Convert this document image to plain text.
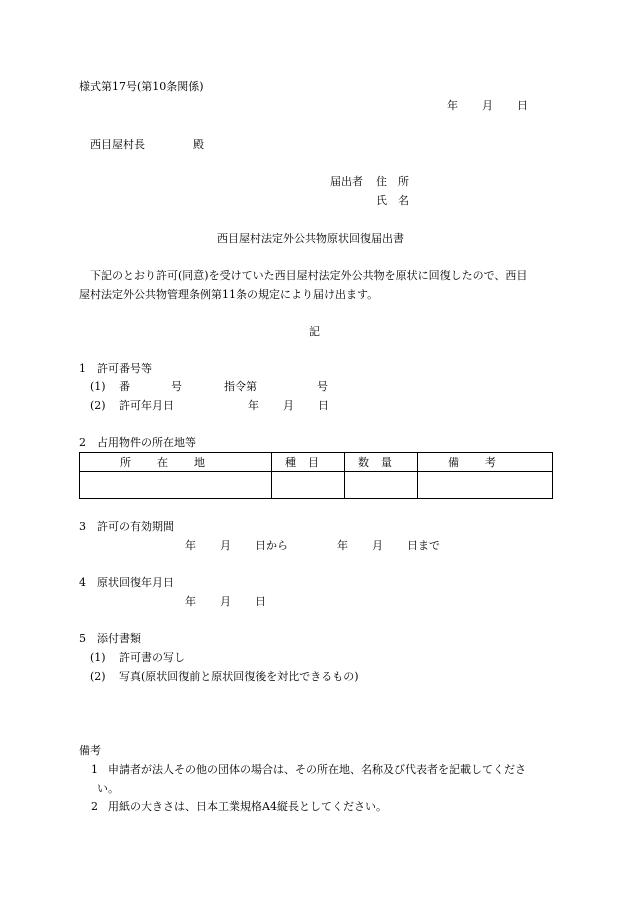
様式第17号(第10条関係)
年 月 日
西目屋村長	殿
届出者 住　所
氏　名
西目屋村法定外公共物原状回復届出書
下記のとおり許可(同意)を受けていた西目屋村法定外公共物を原状に回復したので、西目
屋村法定外公共物管理条例第11条の規定により届け出ます。
記
1　許可番号等
(1) 番	号	指令第	号
(2) 許可年月日	年 月 日
2　占用物件の所在地等
所在地	種目	数量	備考

3　許可の有効期間
年 月 日から	年 月 日まで
4　原状回復年月日
年 月 日
5　添付書類
(1) 許可書の写し
(2) 写真(原状回復前と原状回復後を対比できるもの)
備考
1 申請者が法人その他の団体の場合は、その所在地、名称及び代表者を記載してくださ
い。
2 用紙の大きさは、日本工業規格A4縦長としてください。
